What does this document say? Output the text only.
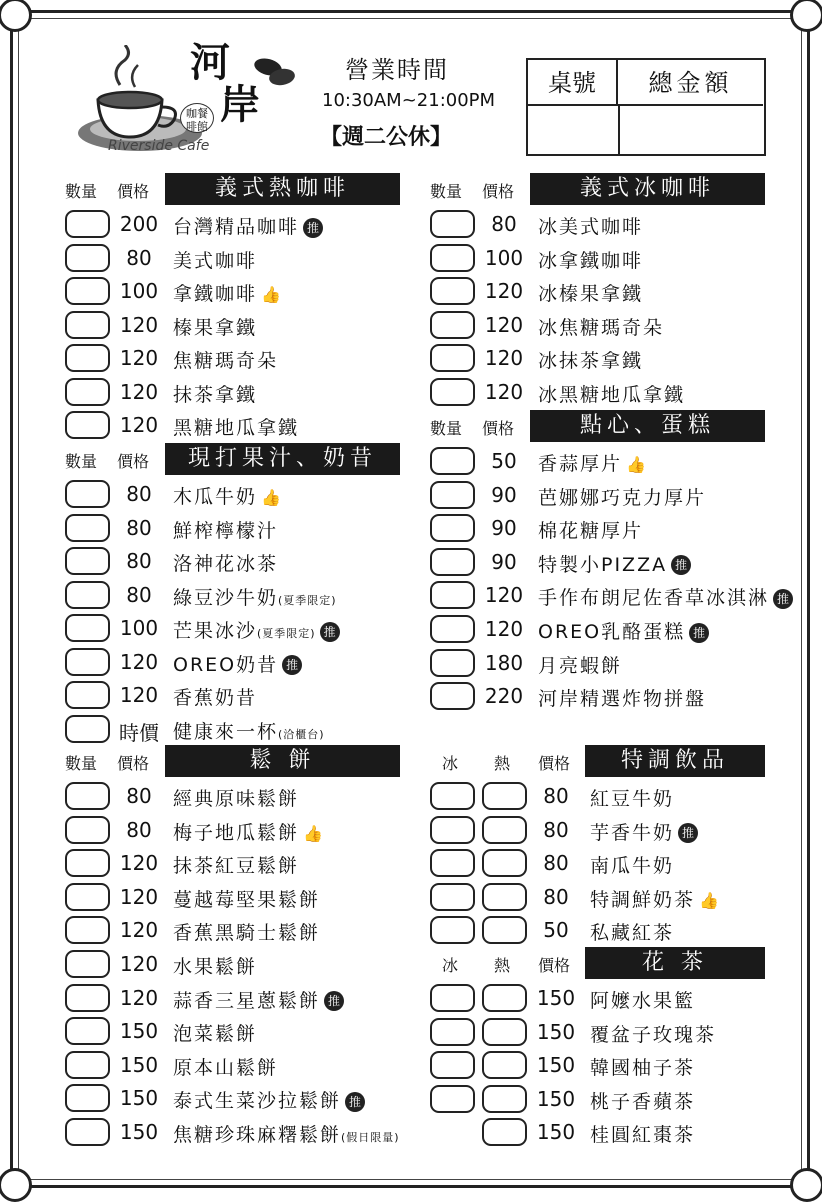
河
岸
咖餐
啡館
Riverside Cafe
營業時間
10:30AM~21:00PM
【週二公休】
桌號	總金額
數量 價格	義式熱咖啡
200 台灣精品咖啡 推
80	美式咖啡
100 拿鐵咖啡 👍
120 榛果拿鐵
120 焦糖瑪奇朵
120 抹茶拿鐵
120 黑糖地瓜拿鐵
數量 價格	現打果汁、奶昔
80	木瓜牛奶 👍
80	鮮榨檸檬汁
80	洛神花冰茶
80	綠豆沙牛奶(夏季限定)
100 芒果冰沙(夏季限定) 推
120 OREO奶昔 推
120 香蕉奶昔
時價 健康來一杯(洽櫃台)
數量 價格	鬆 餅
80	經典原味鬆餅
80	梅子地瓜鬆餅 👍
120 抹茶紅豆鬆餅
120 蔓越莓堅果鬆餅
120 香蕉黑騎士鬆餅
120 水果鬆餅
120 蒜香三星蔥鬆餅 推
150 泡菜鬆餅
150 原本山鬆餅
150 泰式生菜沙拉鬆餅 推
150 焦糖珍珠麻糬鬆餅(假日限量)
數量 價格	義式冰咖啡
80	冰美式咖啡
100 冰拿鐵咖啡
120 冰榛果拿鐵
120 冰焦糖瑪奇朵
120 冰抹茶拿鐵
120 冰黑糖地瓜拿鐵
數量 價格	點心、蛋糕
50	香蒜厚片 👍
90	芭娜娜巧克力厚片
90	棉花糖厚片
90	特製小PIZZA 推
120 手作布朗尼佐香草冰淇淋 推
120 OREO乳酪蛋糕 推
180 月亮蝦餅
220 河岸精選炸物拼盤
冰 熱 價格	特調飲品
80	紅豆牛奶
80	芋香牛奶 推
80	南瓜牛奶
80	特調鮮奶茶 👍
50	私藏紅茶
冰 熱 價格	花 茶
150 阿嬤水果籃
150 覆盆子玫瑰茶
150 韓國柚子茶
150 桃子香蘋茶
150 桂圓紅棗茶
